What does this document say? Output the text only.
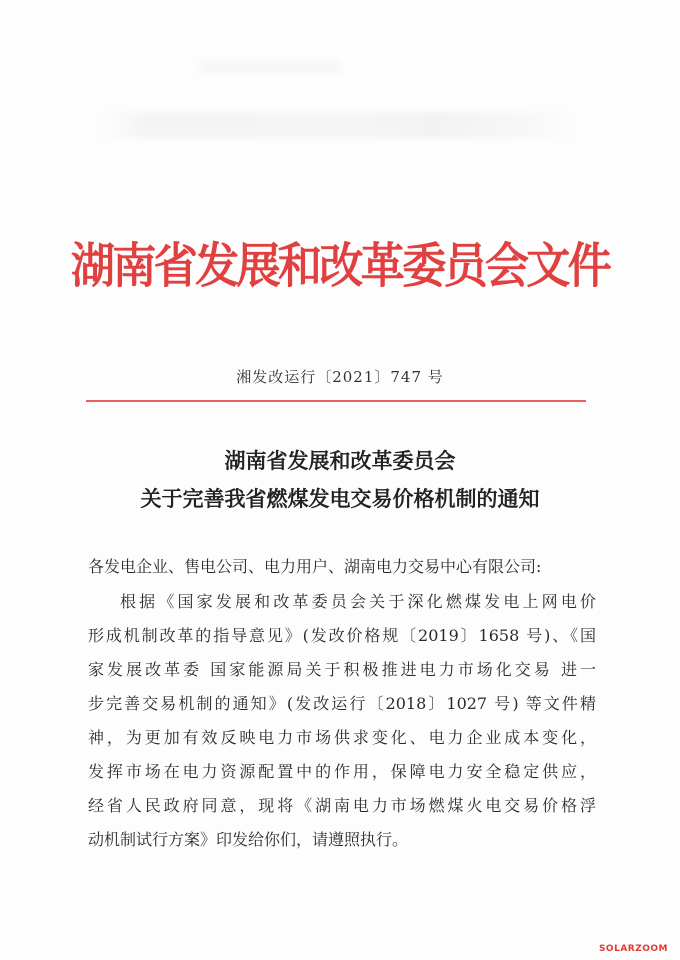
湖南省发展和改革委员会文件
湘发改运行〔2021〕747 号
湖南省发展和改革委员会
关于完善我省燃煤发电交易价格机制的通知
各发电企业、售电公司、电力用户、湖南电力交易中心有限公司:
根据《国家发展和改革委员会关于深化燃煤发电上网电价
形成机制改革的指导意见》(发改价格规〔2019〕1658 号)、《国
家发展改革委 国家能源局关于积极推进电力市场化交易 进一
步完善交易机制的通知》(发改运行〔2018〕1027 号) 等文件精
神，为更加有效反映电力市场供求变化、电力企业成本变化，
发挥市场在电力资源配置中的作用，保障电力安全稳定供应，
经省人民政府同意，现将《湖南电力市场燃煤火电交易价格浮
动机制试行方案》印发给你们，请遵照执行。
SOLARZOOM
